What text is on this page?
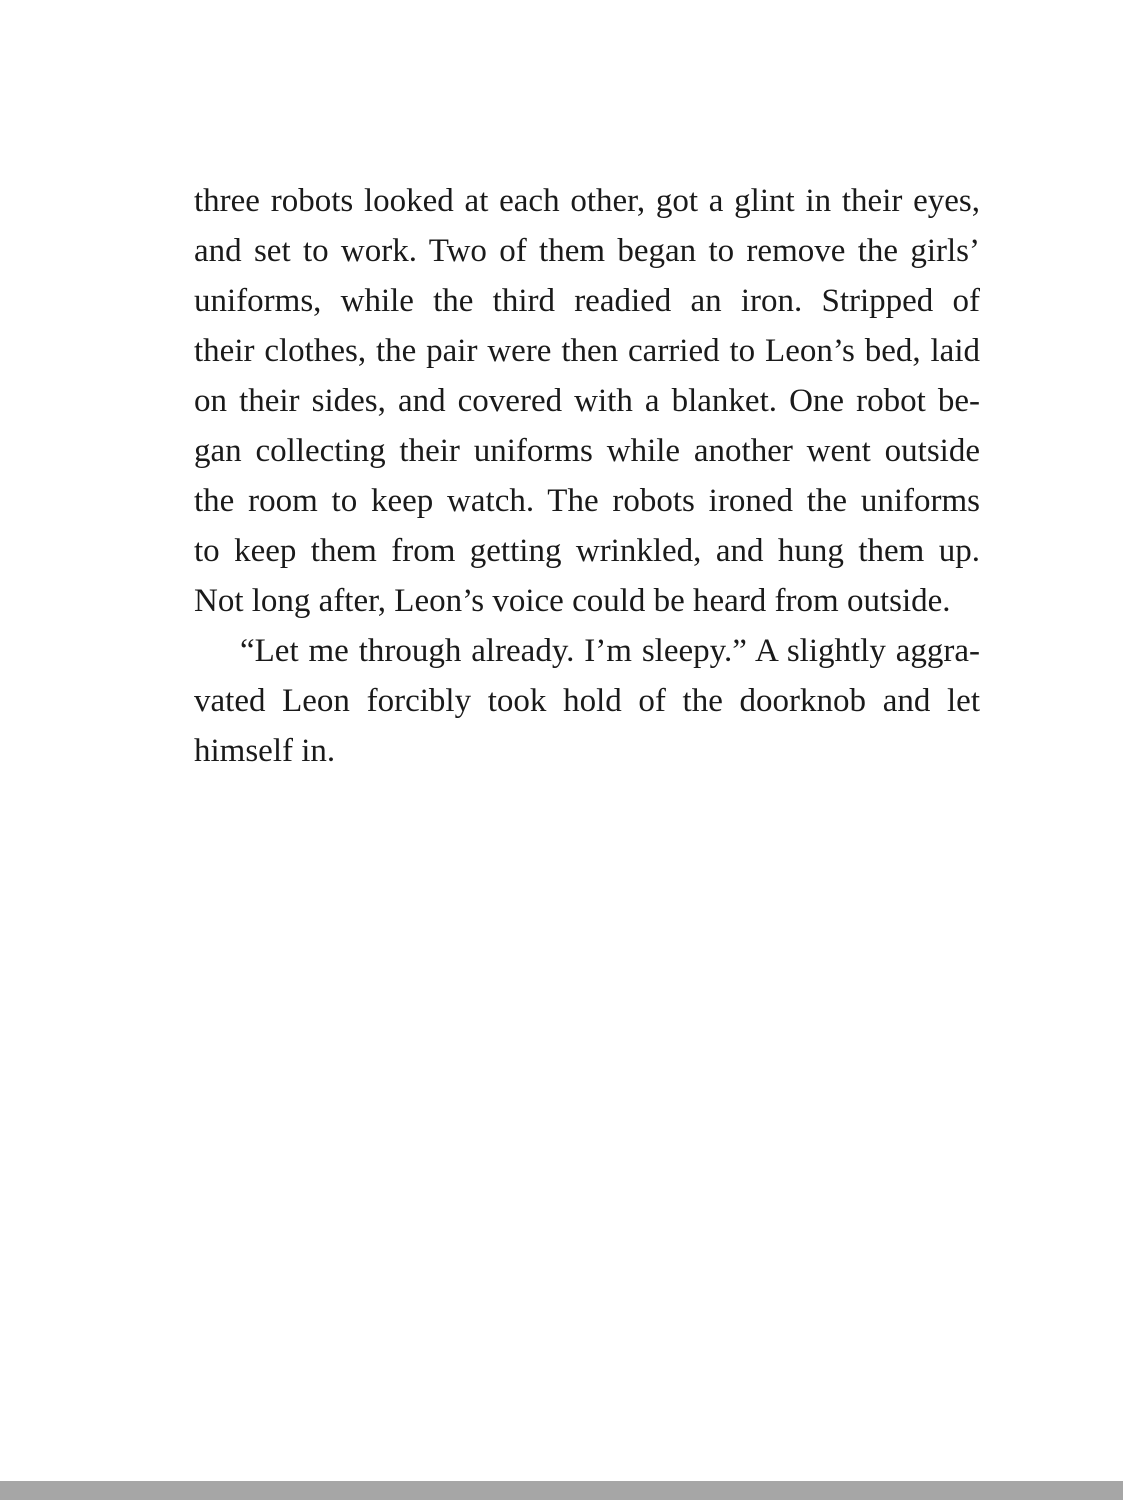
three robots looked at each other, got a glint in their eyes,
and set to work. Two of them began to remove the girls’
uniforms, while the third readied an iron. Stripped of
their clothes, the pair were then carried to Leon’s bed, laid
on their sides, and covered with a blanket. One robot be-
gan collecting their uniforms while another went outside
the room to keep watch. The robots ironed the uniforms
to keep them from getting wrinkled, and hung them up.
Not long after, Leon’s voice could be heard from outside.
“Let me through already. I’m sleepy.” A slightly aggra-
vated Leon forcibly took hold of the doorknob and let
himself in.
